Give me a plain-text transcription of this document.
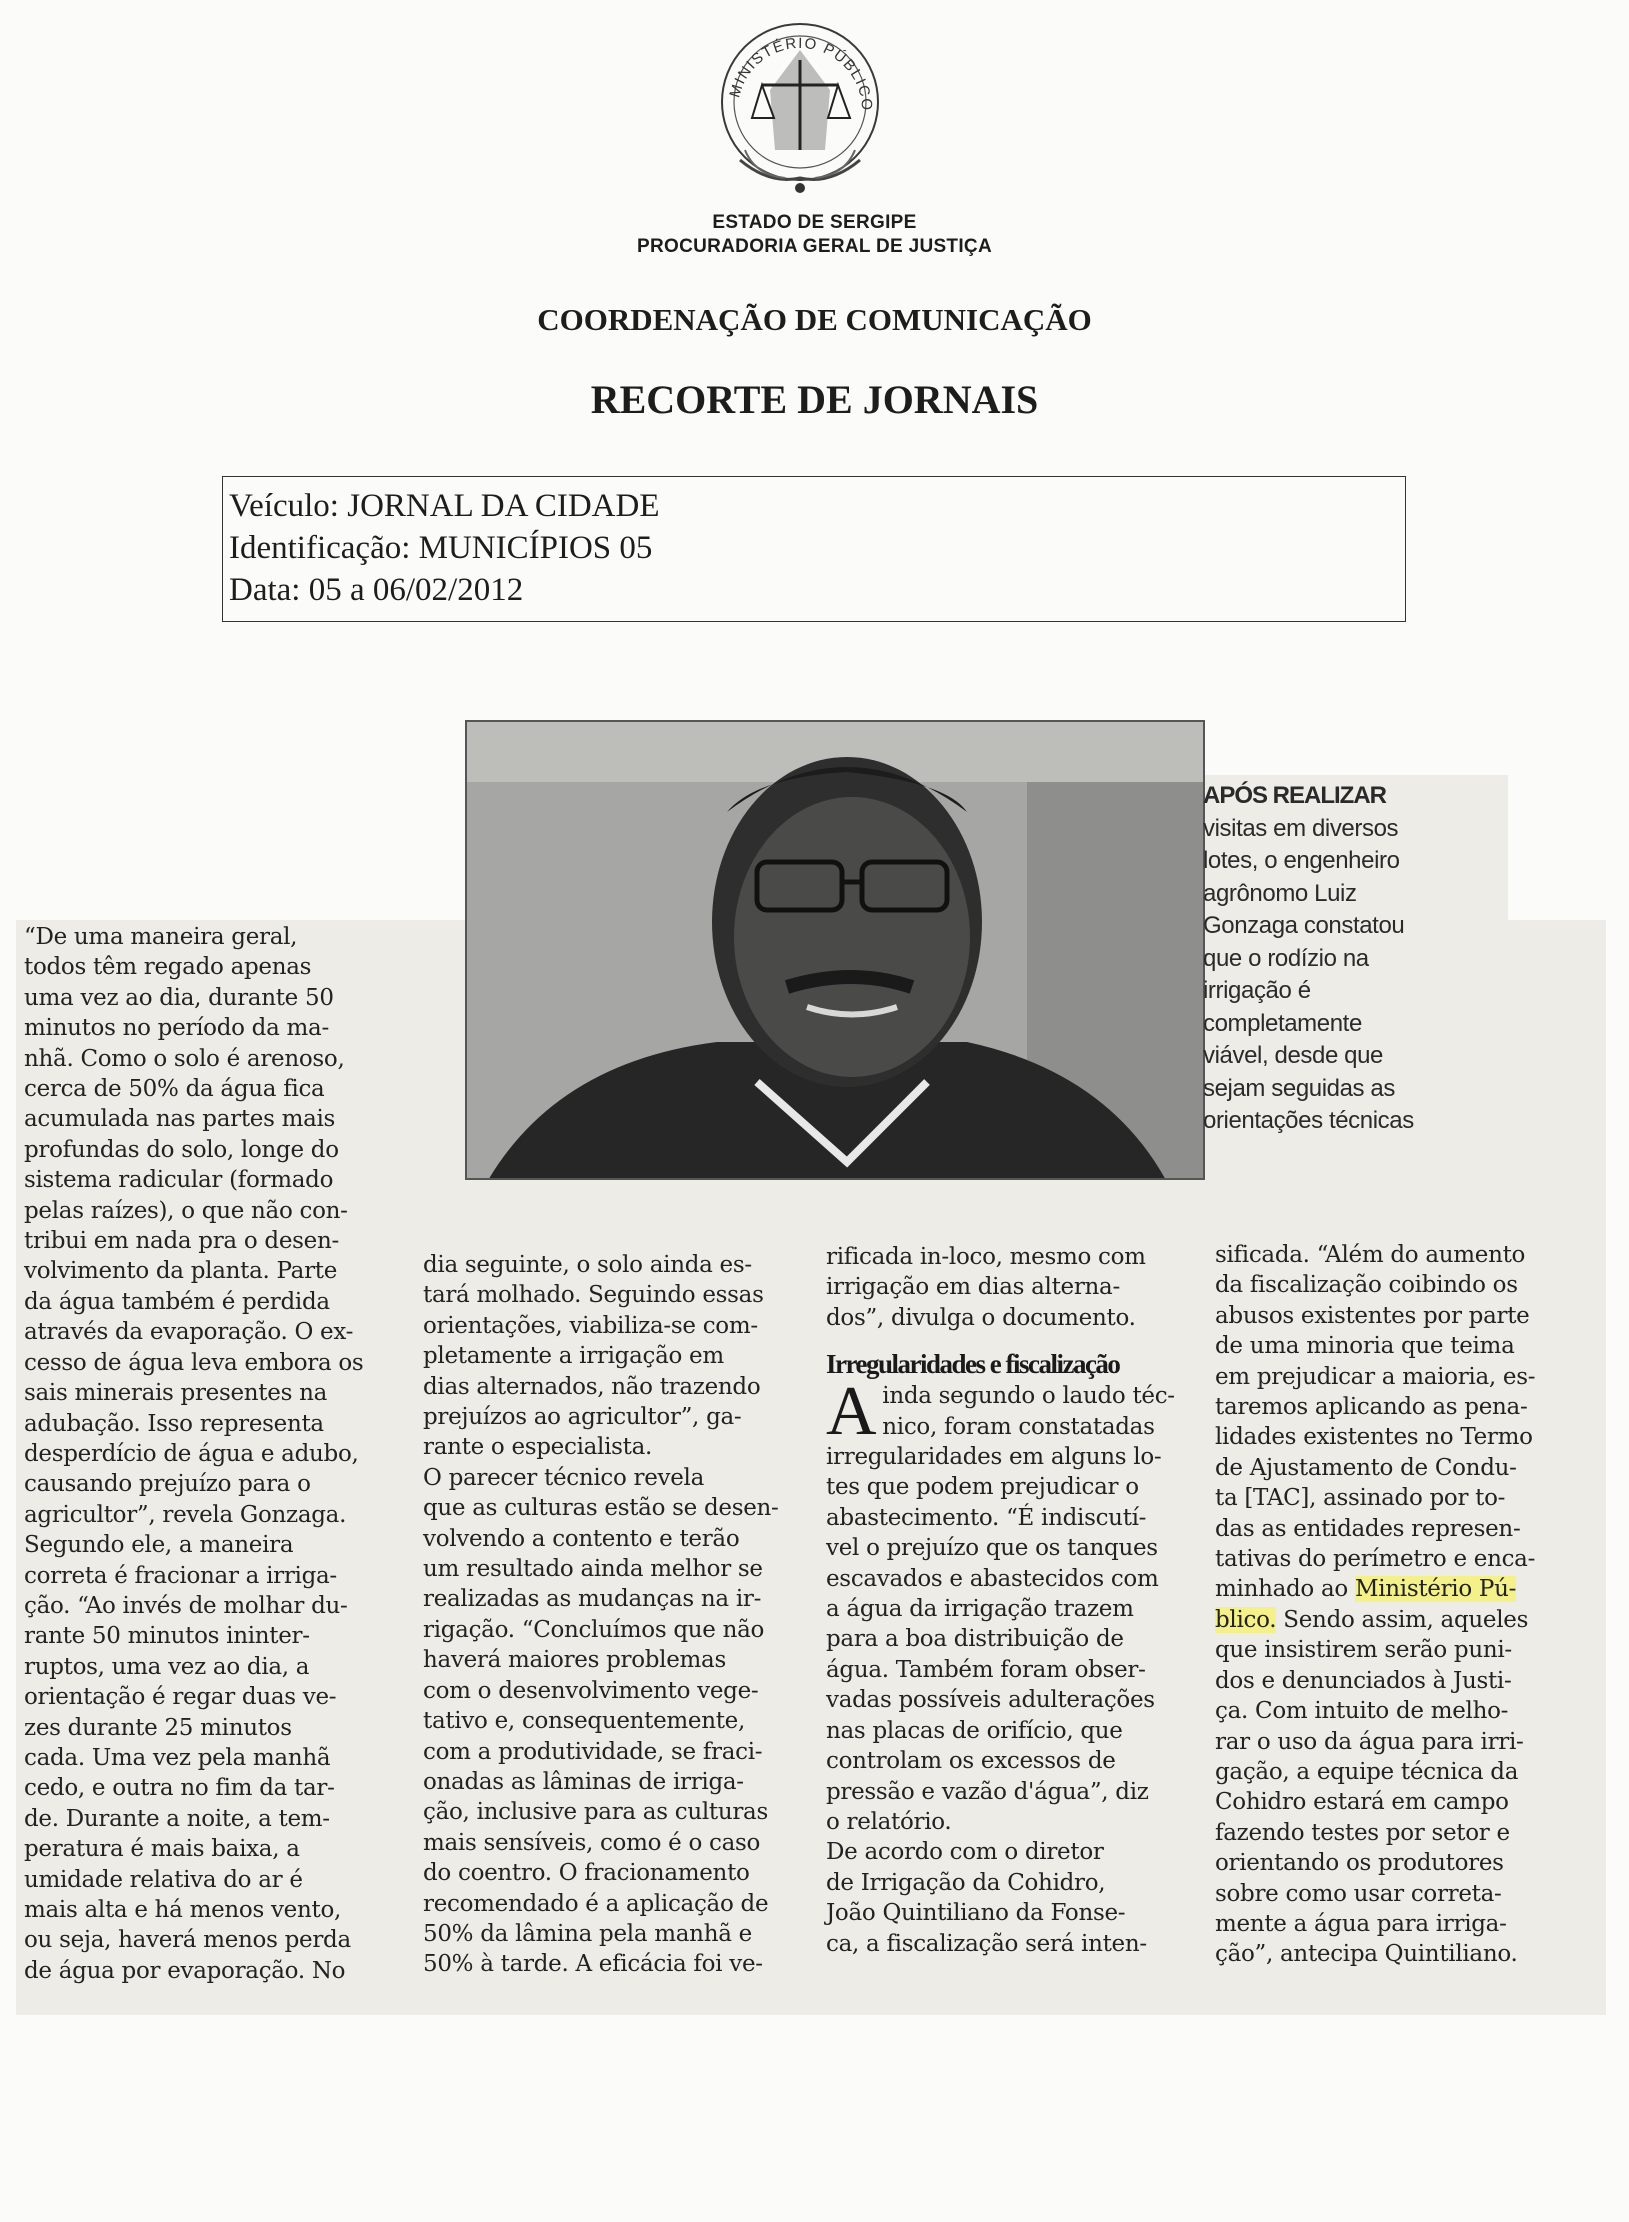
MINISTÉRIO PÚBLICO
ESTADO DE SERGIPE
PROCURADORIA GERAL DE JUSTIÇA
COORDENAÇÃO DE COMUNICAÇÃO
RECORTE DE JORNAIS
Veículo: JORNAL DA CIDADE
Identificação: MUNICÍPIOS 05
Data: 05 a 06/02/2012
APÓS REALIZAR
visitas em diversos
lotes, o engenheiro
agrônomo Luiz
Gonzaga constatou
que o rodízio na
irrigação é
completamente
viável, desde que
sejam seguidas as
orientações técnicas
“De uma maneira geral,
todos têm regado apenas
uma vez ao dia, durante 50
minutos no período da ma-
nhã. Como o solo é arenoso,
cerca de 50% da água fica
acumulada nas partes mais
profundas do solo, longe do
sistema radicular (formado
pelas raízes), o que não con-
tribui em nada pra o desen-
volvimento da planta. Parte
da água também é perdida
através da evaporação. O ex-
cesso de água leva embora os
sais minerais presentes na
adubação. Isso representa
desperdício de água e adubo,
causando prejuízo para o
agricultor”, revela Gonzaga.
Segundo ele, a maneira
correta é fracionar a irriga-
ção. “Ao invés de molhar du-
rante 50 minutos ininter-
ruptos, uma vez ao dia, a
orientação é regar duas ve-
zes durante 25 minutos
cada. Uma vez pela manhã
cedo, e outra no fim da tar-
de. Durante a noite, a tem-
peratura é mais baixa, a
umidade relativa do ar é
mais alta e há menos vento,
ou seja, haverá menos perda
de água por evaporação. No
dia seguinte, o solo ainda es-
tará molhado. Seguindo essas
orientações, viabiliza-se com-
pletamente a irrigação em
dias alternados, não trazendo
prejuízos ao agricultor”, ga-
rante o especialista.
O parecer técnico revela
que as culturas estão se desen-
volvendo a contento e terão
um resultado ainda melhor se
realizadas as mudanças na ir-
rigação. “Concluímos que não
haverá maiores problemas
com o desenvolvimento vege-
tativo e, consequentemente,
com a produtividade, se fraci-
onadas as lâminas de irriga-
ção, inclusive para as culturas
mais sensíveis, como é o caso
do coentro. O fracionamento
recomendado é a aplicação de
50% da lâmina pela manhã e
50% à tarde. A eficácia foi ve-
rificada in-loco, mesmo com
irrigação em dias alterna-
dos”, divulga o documento.
Irregularidades e fiscalização
A inda segundo o laudo téc-
nico, foram constatadas
irregularidades em alguns lo-
tes que podem prejudicar o
abastecimento. “É indiscutí-
vel o prejuízo que os tanques
escavados e abastecidos com
a água da irrigação trazem
para a boa distribuição de
água. Também foram obser-
vadas possíveis adulterações
nas placas de orifício, que
controlam os excessos de
pressão e vazão d'água”, diz
o relatório.
De acordo com o diretor
de Irrigação da Cohidro,
João Quintiliano da Fonse-
ca, a fiscalização será inten-
sificada. “Além do aumento
da fiscalização coibindo os
abusos existentes por parte
de uma minoria que teima
em prejudicar a maioria, es-
taremos aplicando as pena-
lidades existentes no Termo
de Ajustamento de Condu-
ta [TAC], assinado por to-
das as entidades represen-
tativas do perímetro e enca-
minhado ao Ministério Pú-
blico. Sendo assim, aqueles
que insistirem serão puni-
dos e denunciados à Justi-
ça. Com intuito de melho-
rar o uso da água para irri-
gação, a equipe técnica da
Cohidro estará em campo
fazendo testes por setor e
orientando os produtores
sobre como usar correta-
mente a água para irriga-
ção”, antecipa Quintiliano.
